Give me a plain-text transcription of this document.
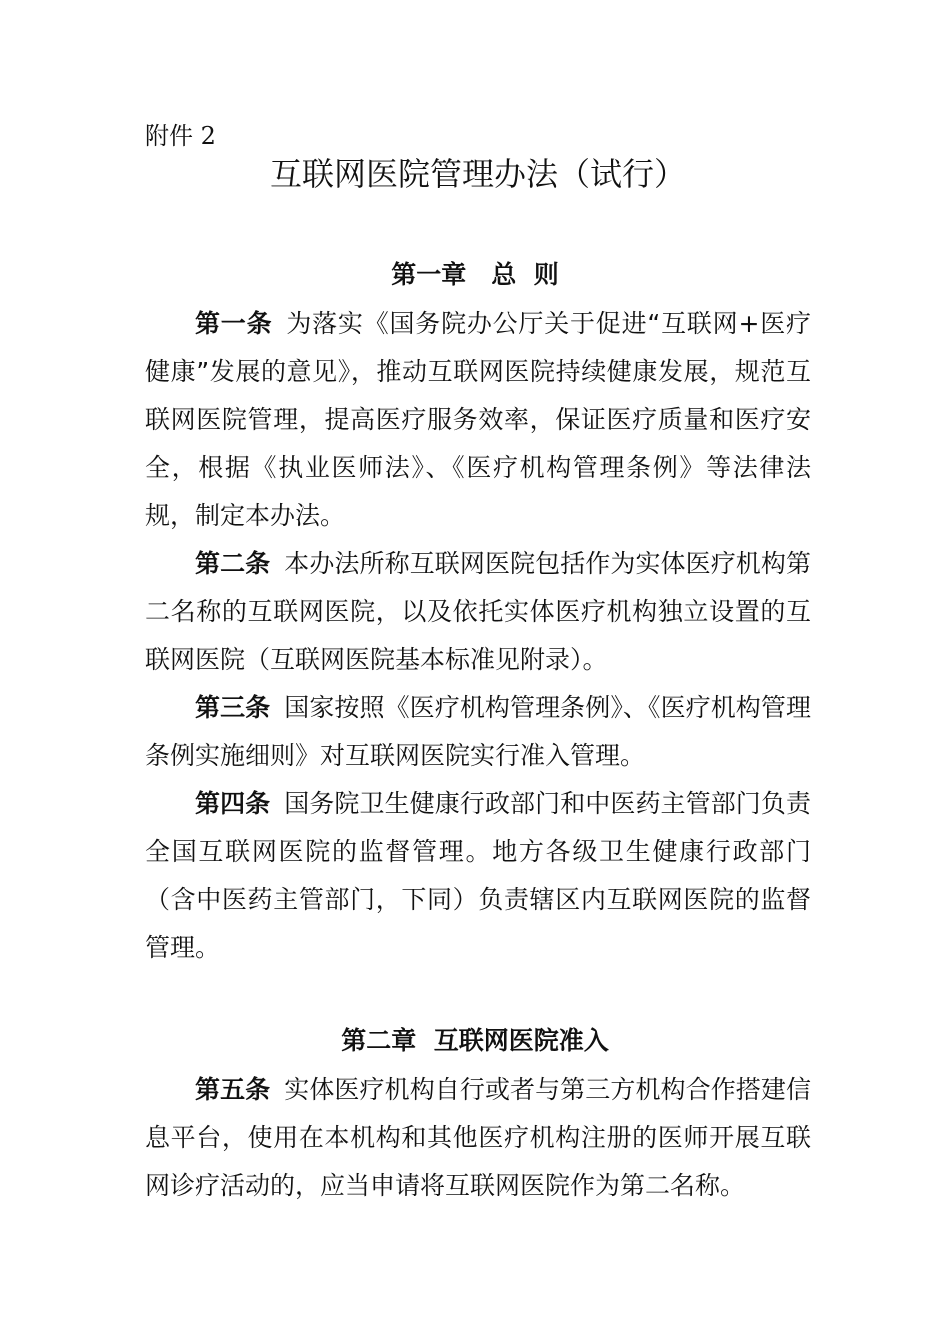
附件 2

互联网医院管理办法（试行）
第一章　总  则

第一条 为落实《国务院办公厅关于促进“互联网+医疗健康”发展的意见》，推动互联网医院持续健康发展，规范互联网医院管理，提高医疗服务效率，保证医疗质量和医疗安全，根据《执业医师法》、《医疗机构管理条例》等法律法规，制定本办法。

第二条 本办法所称互联网医院包括作为实体医疗机构第二名称的互联网医院，以及依托实体医疗机构独立设置的互联网医院（互联网医院基本标准见附录）。

第三条 国家按照《医疗机构管理条例》、《医疗机构管理条例实施细则》对互联网医院实行准入管理。

第四条 国务院卫生健康行政部门和中医药主管部门负责全国互联网医院的监督管理。地方各级卫生健康行政部门（含中医药主管部门，下同）负责辖区内互联网医院的监督管理。

第二章  互联网医院准入

第五条 实体医疗机构自行或者与第三方机构合作搭建信息平台，使用在本机构和其他医疗机构注册的医师开展互联网诊疗活动的，应当申请将互联网医院作为第二名称。
